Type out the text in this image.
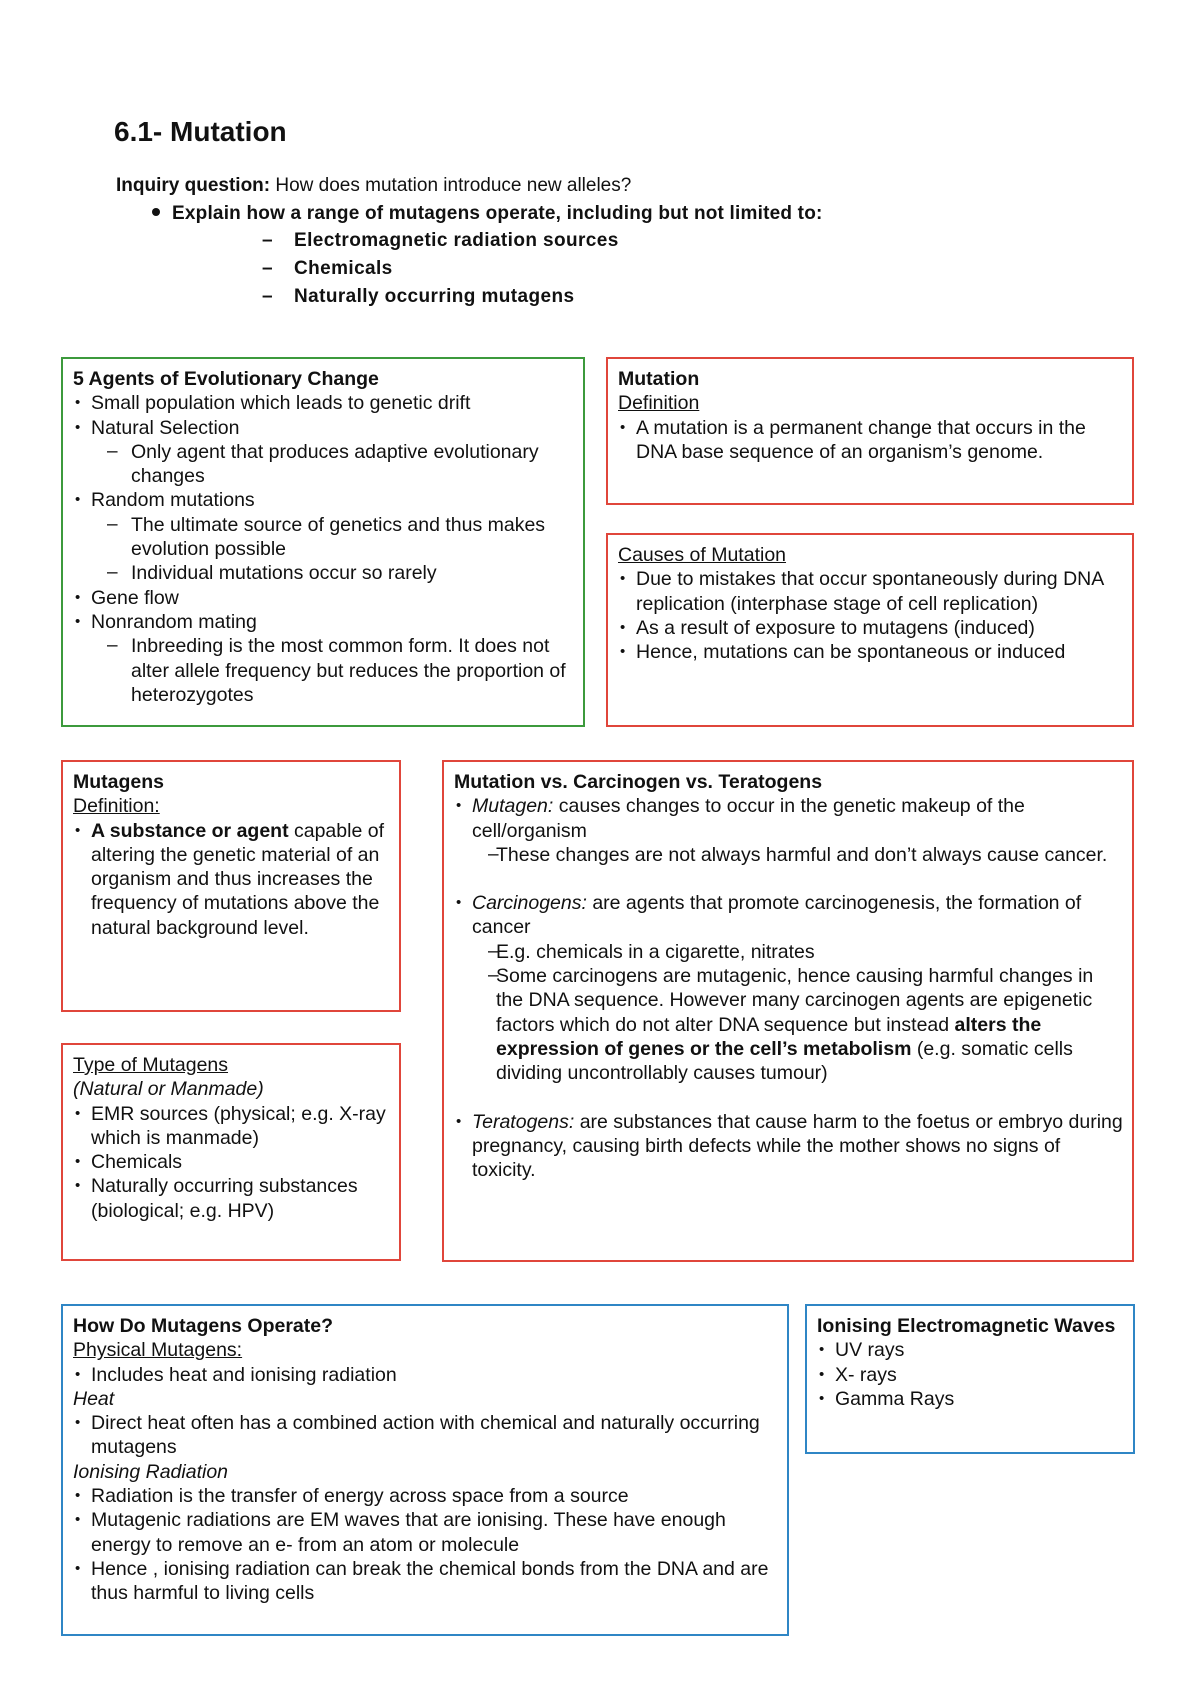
6.1- Mutation
Inquiry question: How does mutation introduce new alleles?
Explain how a range of mutagens operate, including but not limited to:
– Electromagnetic radiation sources
– Chemicals
– Naturally occurring mutagens
5 Agents of Evolutionary Change
• Small population which leads to genetic drift
• Natural Selection
– Only agent that produces adaptive evolutionary changes
• Random mutations
– The ultimate source of genetics and thus makes evolution possible
– Individual mutations occur so rarely
• Gene flow
• Nonrandom mating
– Inbreeding is the most common form. It does not alter allele frequency but reduces the proportion of heterozygotes
Mutation
Definition
• A mutation is a permanent change that occurs in the DNA base sequence of an organism’s genome.
Causes of Mutation
• Due to mistakes that occur spontaneously during DNA replication (interphase stage of cell replication)
• As a result of exposure to mutagens (induced)
• Hence, mutations can be spontaneous or induced
Mutagens
Definition:
• A substance or agent capable of altering the genetic material of an organism and thus increases the frequency of mutations above the natural background level.
Type of Mutagens
(Natural or Manmade)
• EMR sources (physical; e.g. X-ray which is manmade)
• Chemicals
• Naturally occurring substances (biological; e.g. HPV)
Mutation vs. Carcinogen vs. Teratogens
• Mutagen: causes changes to occur in the genetic makeup of the cell/organism
– These changes are not always harmful and don’t always cause cancer.
• Carcinogens: are agents that promote carcinogenesis, the formation of cancer
– E.g. chemicals in a cigarette, nitrates
– Some carcinogens are mutagenic, hence causing harmful changes in the DNA sequence. However many carcinogen agents are epigenetic factors which do not alter DNA sequence but instead alters the expression of genes or the cell’s metabolism (e.g. somatic cells dividing uncontrollably causes tumour)
• Teratogens: are substances that cause harm to the foetus or embryo during pregnancy, causing birth defects while the mother shows no signs of toxicity.
How Do Mutagens Operate?
Physical Mutagens:
• Includes heat and ionising radiation
Heat
• Direct heat often has a combined action with chemical and naturally occurring mutagens
Ionising Radiation
• Radiation is the transfer of energy across space from a source
• Mutagenic radiations are EM waves that are ionising. These have enough energy to remove an e- from an atom or molecule
• Hence , ionising radiation can break the chemical bonds from the DNA and are thus harmful to living cells
Ionising Electromagnetic Waves
• UV rays
• X- rays
• Gamma Rays
